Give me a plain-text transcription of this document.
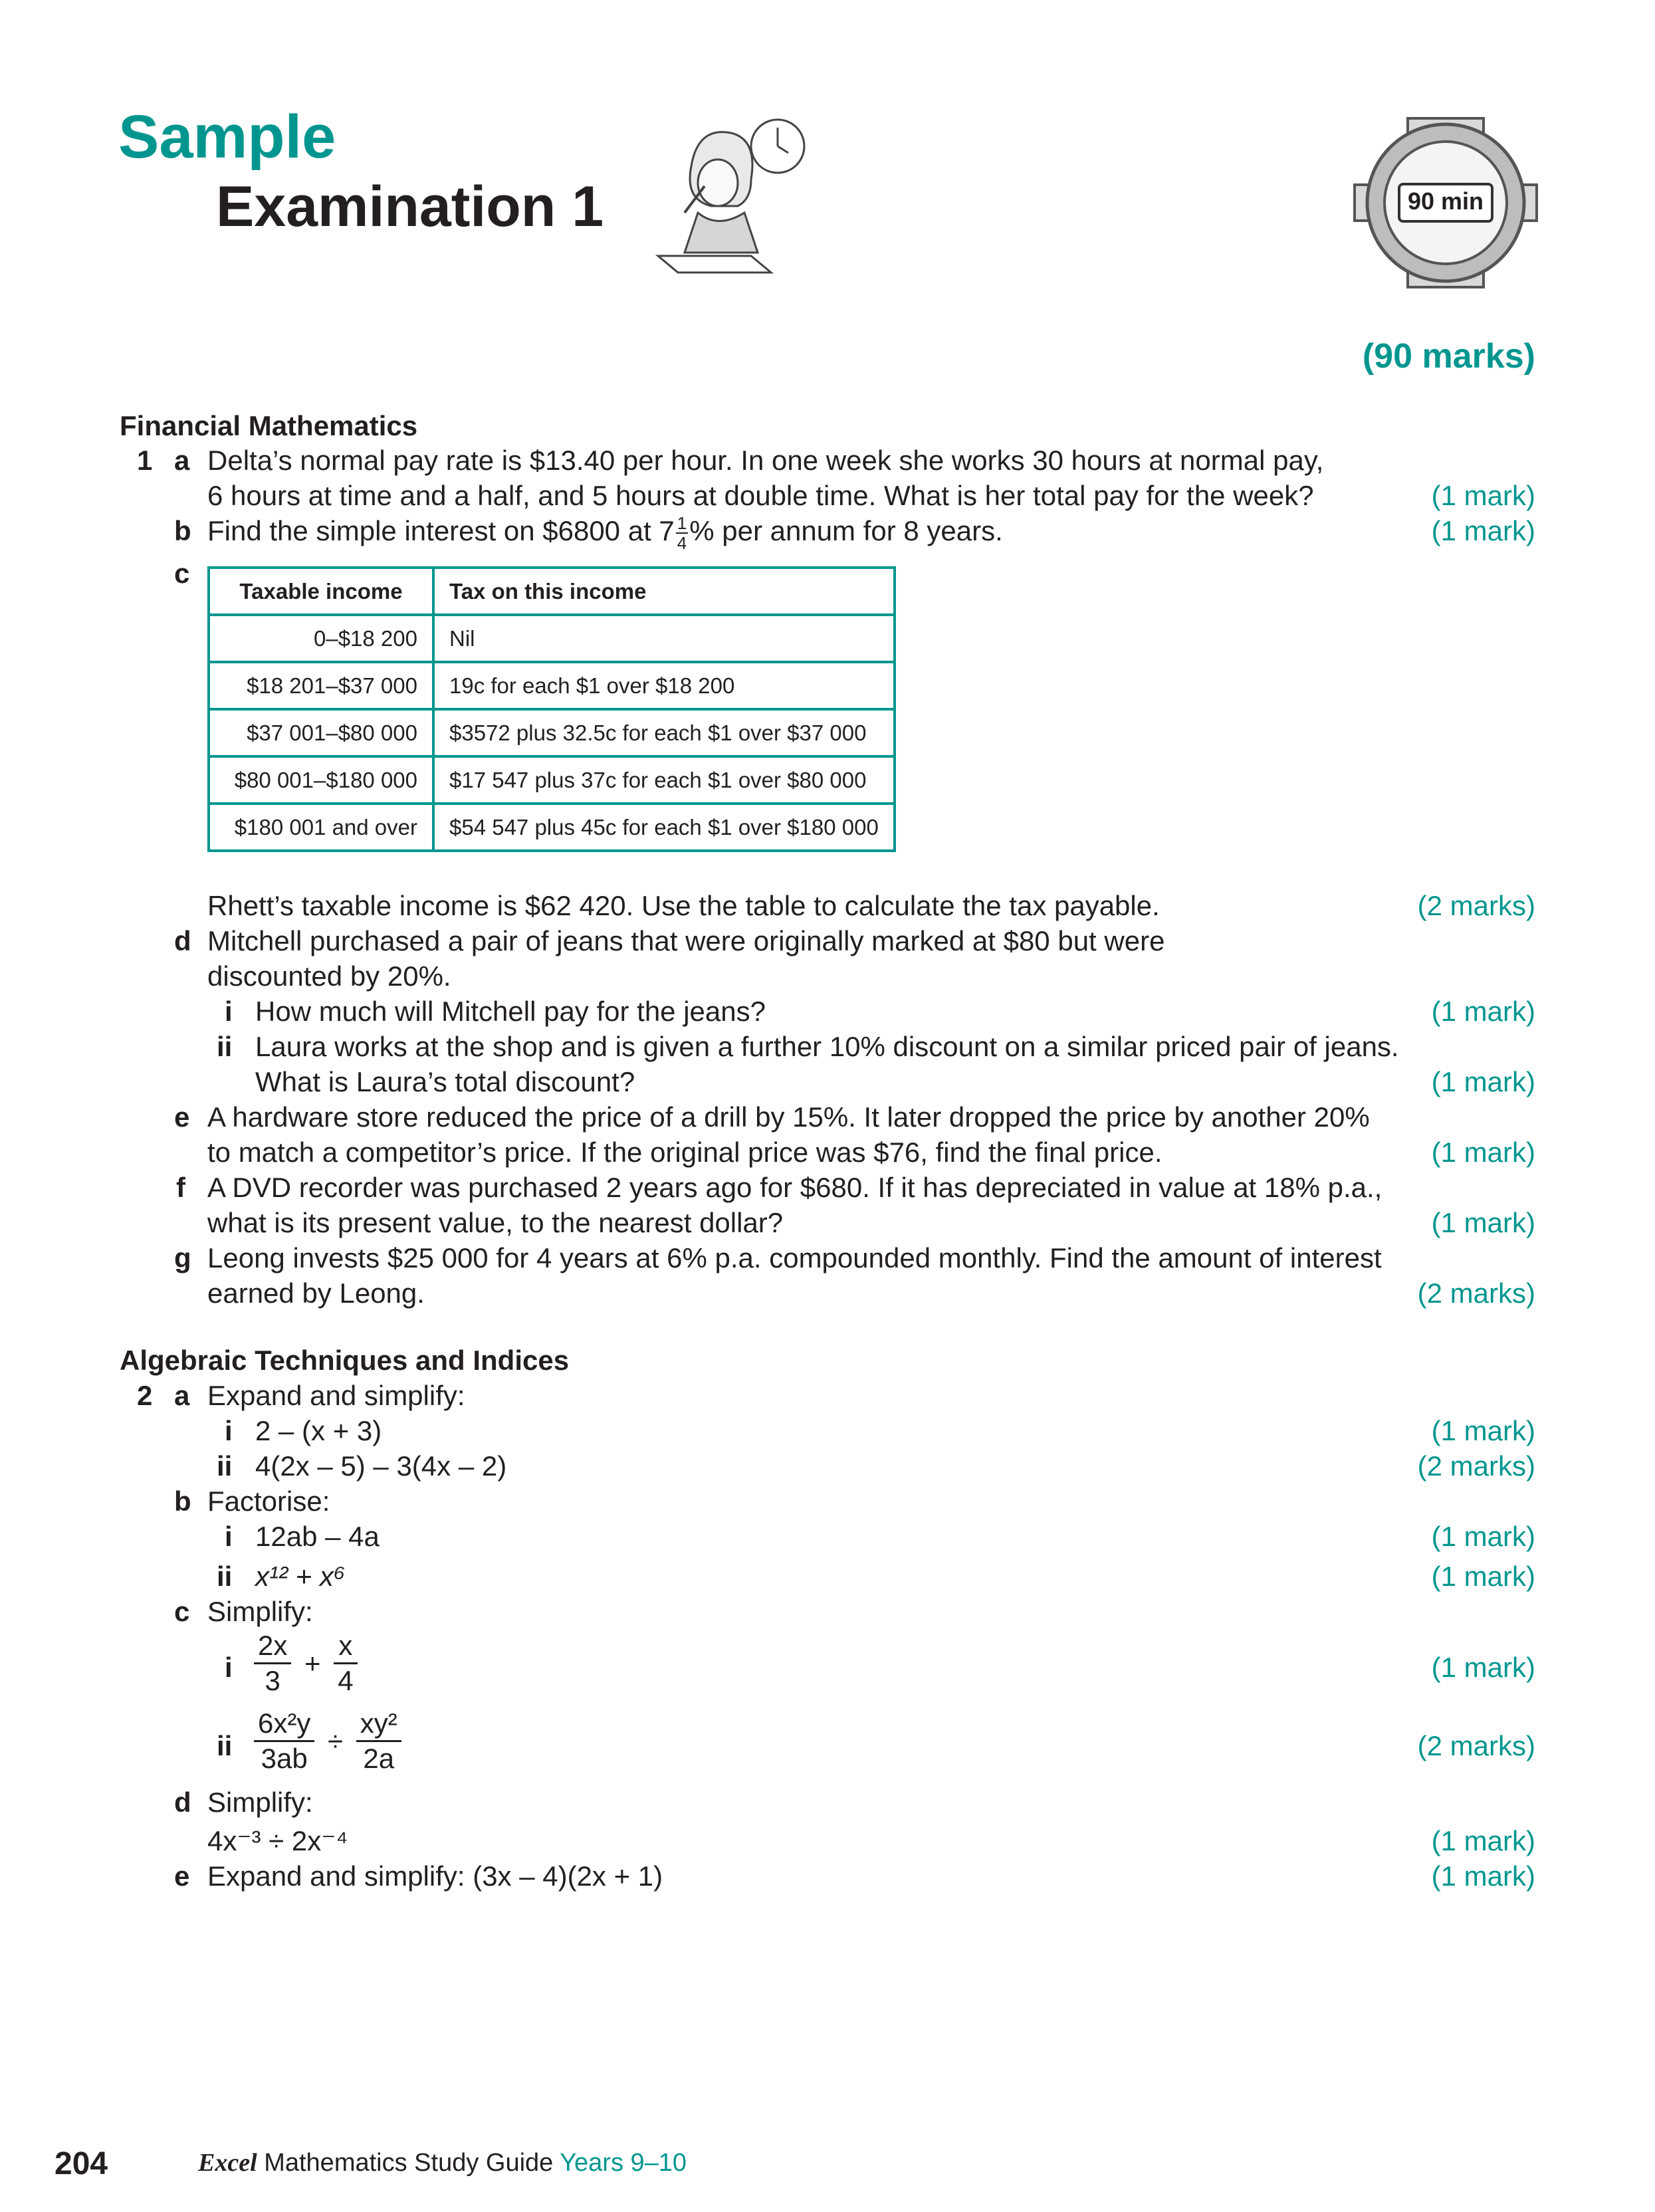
Sample
Examination 1	90 min
(90 marks)
Financial Mathematics
1 a Delta’s normal pay rate is $13.40 per hour. In one week she works 30 hours at normal pay,
6 hours at time and a half, and 5 hours at double time. What is her total pay for the week?	(1 mark)
b Find the simple interest on $6800 at $7 \frac{1}{4}$ % per annum for 8 years.	(1 mark)
c
Taxable income	Tax on this income
0–$18 200	Nil
$18 201–$37 000	19c for each $1 over $18 200
$37 001–$80 000	$3572 plus 32.5c for each $1 over $37 000
$80 001–$180 000	$17 547 plus 37c for each $1 over $80 000
$180 001 and over	$54 547 plus 45c for each $1 over $180 000
Rhett’s taxable income is $62 420. Use the table to calculate the tax payable.	(2 marks)
d Mitchell purchased a pair of jeans that were originally marked at $80 but were
discounted by 20%.
i How much will Mitchell pay for the jeans?	(1 mark)
ii Laura works at the shop and is given a further 10% discount on a similar priced pair of jeans.
What is Laura’s total discount?	(1 mark)
e A hardware store reduced the price of a drill by 15%. It later dropped the price by another 20%
to match a competitor’s price. If the original price was $76, find the final price.	(1 mark)
f A DVD recorder was purchased 2 years ago for $680. If it has depreciated in value at 18% p.a.,
what is its present value, to the nearest dollar?	(1 mark)
g Leong invests $25 000 for 4 years at 6% p.a. compounded monthly. Find the amount of interest
earned by Leong.	(2 marks)
Algebraic Techniques and Indices
2 a Expand and simplify:
i 2 – (x + 3)	(1 mark)
ii 4(2x – 5) – 3(4x – 2)	(2 marks)
b Factorise:
i 12ab – 4a	(1 mark)
ii x¹² + x⁶	(1 mark)
c Simplify:
i $\frac{2x}{3} + \frac{x}{4}$	(1 mark)
ii $\frac{\text{6x²y}}{3ab} \div \frac{\text{xy²}}{2a}$	(2 marks)
d Simplify:
4x⁻³ ÷ 2x⁻⁴	(1 mark)
e Expand and simplify: (3x – 4)(2x + 1)	(1 mark)
204	Excel Mathematics Study Guide Years 9–10
